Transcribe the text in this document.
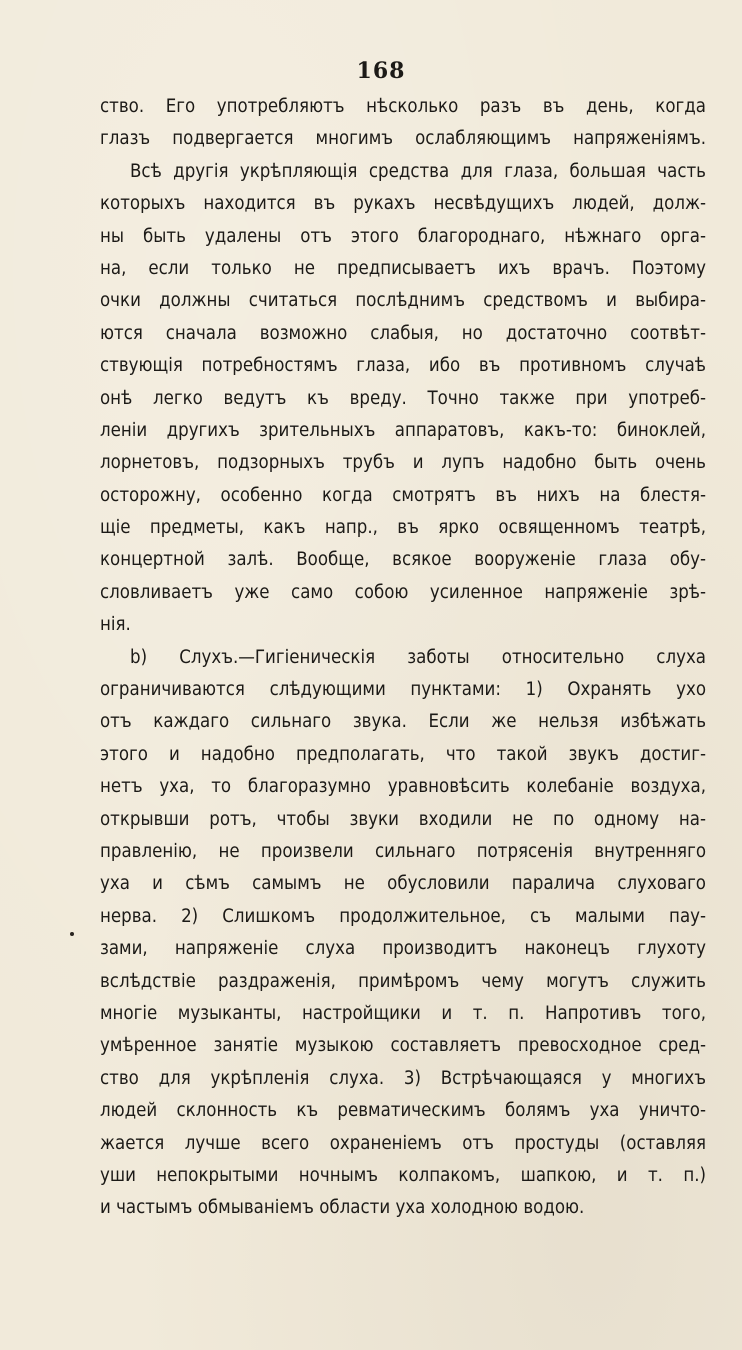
168
ство. Его употребляютъ нѣсколько разъ въ день, когда
глазъ подвергается многимъ ослабляющимъ напряженіямъ.
Всѣ другія укрѣпляющія средства для глаза, большая часть
которыхъ находится въ рукахъ несвѣдущихъ людей, долж-
ны быть удалены отъ этого благороднаго, нѣжнаго орга-
на, если только не предписываетъ ихъ врачъ. Поэтому
очки должны считаться послѣднимъ средствомъ и выбира-
ются сначала возможно слабыя, но достаточно соотвѣт-
ствующія потребностямъ глаза, ибо въ противномъ случаѣ
онѣ легко ведутъ къ вреду. Точно также при употреб-
леніи другихъ зрительныхъ аппаратовъ, какъ-то: биноклей,
лорнетовъ, подзорныхъ трубъ и лупъ надобно быть очень
осторожну, особенно когда смотрятъ въ нихъ на блестя-
щіе предметы, какъ напр., въ ярко освященномъ театрѣ,
концертной залѣ. Вообще, всякое вооруженіе глаза обу-
словливаетъ уже само собою усиленное напряженіе зрѣ-
нія.
b) Слухъ.—Гигіеническія заботы относительно слуха
ограничиваются слѣдующими пунктами: 1) Охранять ухо
отъ каждаго сильнаго звука. Если же нельзя избѣжать
этого и надобно предполагать, что такой звукъ достиг-
нетъ уха, то благоразумно уравновѣсить колебаніе воздуха,
открывши ротъ, чтобы звуки входили не по одному на-
правленію, не произвели сильнаго потрясенія внутренняго
уха и сѣмъ самымъ не обусловили паралича слуховаго
нерва. 2) Слишкомъ продолжительное, съ малыми пау-
зами, напряженіе слуха производитъ наконецъ глухоту
вслѣдствіе раздраженія, примѣромъ чему могутъ служить
многіе музыканты, настройщики и т. п. Напротивъ того,
умѣренное занятіе музыкою составляетъ превосходное сред-
ство для укрѣпленія слуха. 3) Встрѣчающаяся у многихъ
людей склонность къ ревматическимъ болямъ уха уничто-
жается лучше всего охраненіемъ отъ простуды (оставляя
уши непокрытыми ночнымъ колпакомъ, шапкою, и т. п.)
и частымъ обмываніемъ области уха холодною водою.
